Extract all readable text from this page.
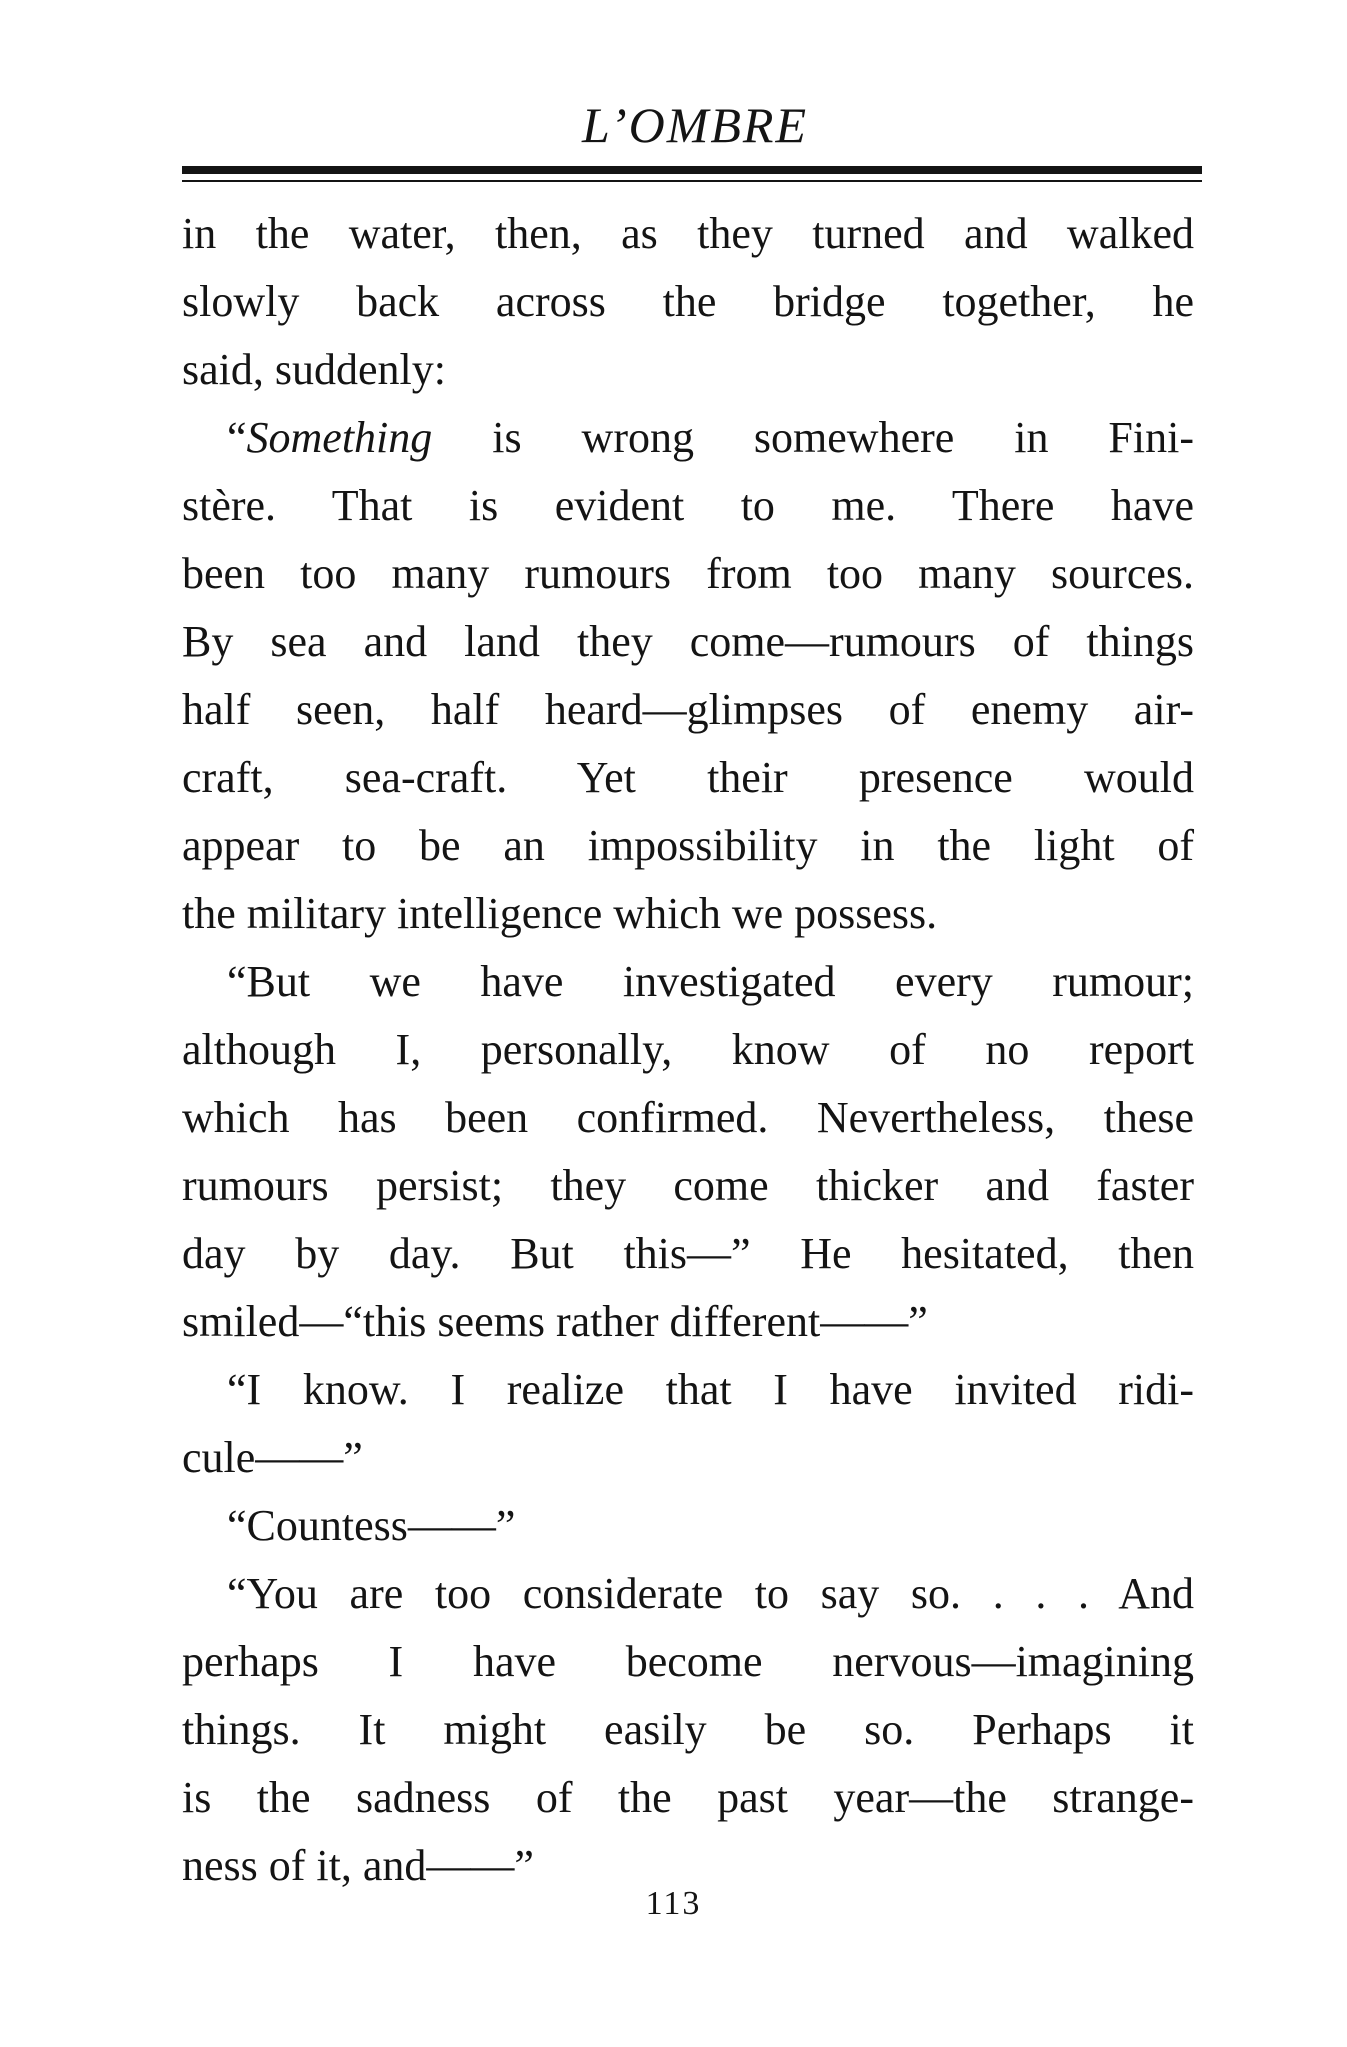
L’OMBRE
in the water, then, as they turned and walked
slowly back across the bridge together, he
said, suddenly:
“Something is wrong somewhere in Fini-
stère. That is evident to me. There have
been too many rumours from too many sources.
By sea and land they come—rumours of things
half seen, half heard—glimpses of enemy air-
craft, sea-craft. Yet their presence would
appear to be an impossibility in the light of
the military intelligence which we possess.
“But we have investigated every rumour;
although I, personally, know of no report
which has been confirmed. Nevertheless, these
rumours persist; they come thicker and faster
day by day. But this—” He hesitated, then
smiled—“this seems rather different——”
“I know. I realize that I have invited ridi-
cule——”
“Countess——”
“You are too considerate to say so. . . . And
perhaps I have become nervous—imagining
things. It might easily be so. Perhaps it
is the sadness of the past year—the strange-
ness of it, and——”
113
